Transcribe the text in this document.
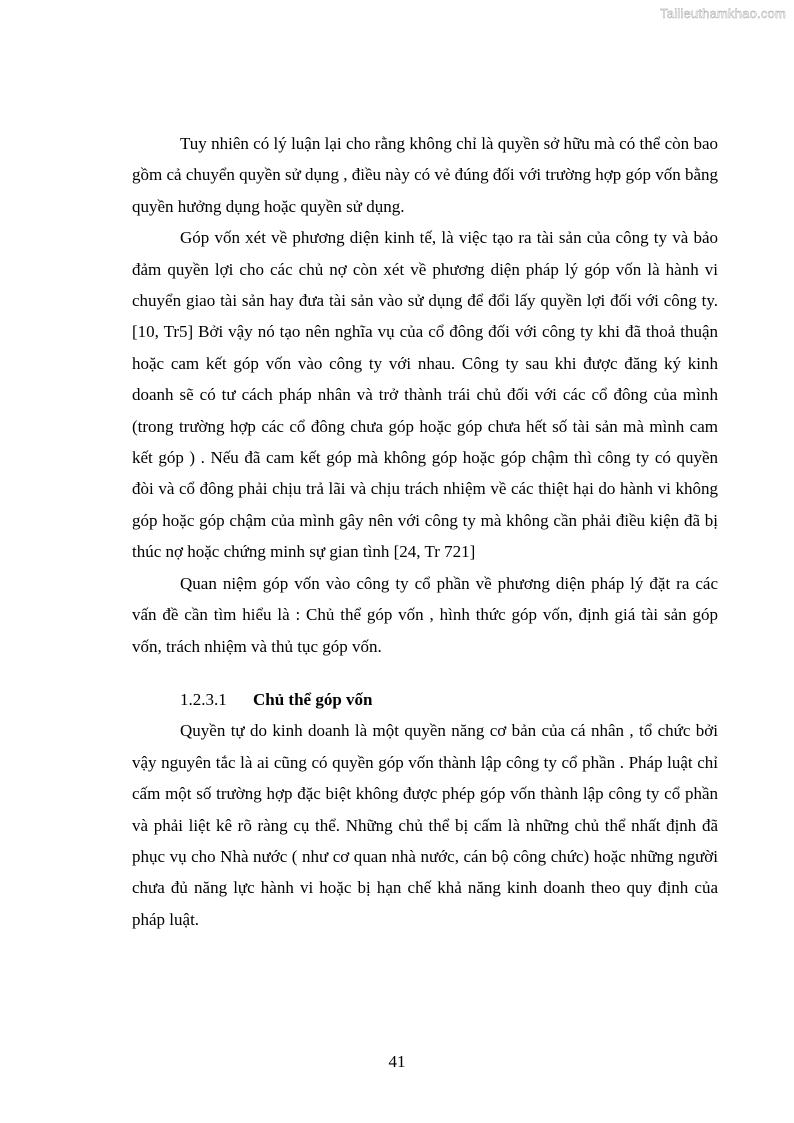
Tailieuthamkhao.com

Tuy nhiên có lý luận lại cho rằng không chỉ là quyền sở hữu mà có thể còn bao gồm cả chuyển quyền sử dụng , điều này có vẻ đúng đối với trường hợp góp vốn bằng quyền hưởng dụng hoặc quyền sử dụng.

Góp vốn xét về phương diện kinh tế, là việc tạo ra tài sản của công ty và bảo đảm quyền lợi cho các chủ nợ còn xét về phương diện pháp lý góp vốn là hành vi chuyển giao tài sản hay đưa tài sản vào sử dụng để đổi lấy quyền lợi đối với công ty. [10, Tr5] Bởi vậy nó tạo nên nghĩa vụ của cổ đông đối với công ty khi đã thoả thuận hoặc cam kết góp vốn vào công ty với nhau. Công ty sau khi được đăng ký kinh doanh sẽ có tư cách pháp nhân và trở thành trái chủ đối với các cổ đông của mình (trong trường hợp các cổ đông chưa góp hoặc góp chưa hết số tài sản mà mình cam kết góp ) . Nếu đã cam kết góp mà không góp hoặc góp chậm thì công ty có quyền đòi và cổ đông phải chịu trả lãi và chịu trách nhiệm về các thiệt hại do hành vi không góp hoặc góp chậm của mình gây nên với công ty mà không cần phải điều kiện đã bị thúc nợ hoặc chứng minh sự gian tình [24, Tr 721]

Quan niệm góp vốn vào công ty cổ phần về phương diện pháp lý đặt ra các vấn đề cần tìm hiểu là : Chủ thể góp vốn , hình thức góp vốn, định giá tài sản góp vốn, trách nhiệm và thủ tục góp vốn.

1.2.3.1 Chủ thể góp vốn

Quyền tự do kinh doanh là một quyền năng cơ bản của cá nhân , tổ chức bởi vậy nguyên tắc là ai cũng có quyền góp vốn thành lập công ty cổ phần . Pháp luật chỉ cấm một số trường hợp đặc biệt không được phép góp vốn thành lập công ty cổ phần và phải liệt kê rõ ràng cụ thể. Những chủ thể bị cấm là những chủ thể nhất định đã phục vụ cho Nhà nước ( như cơ quan nhà nước, cán bộ công chức) hoặc những người chưa đủ năng lực hành vi hoặc bị hạn chế khả năng kinh doanh theo quy định của pháp luật.

41
